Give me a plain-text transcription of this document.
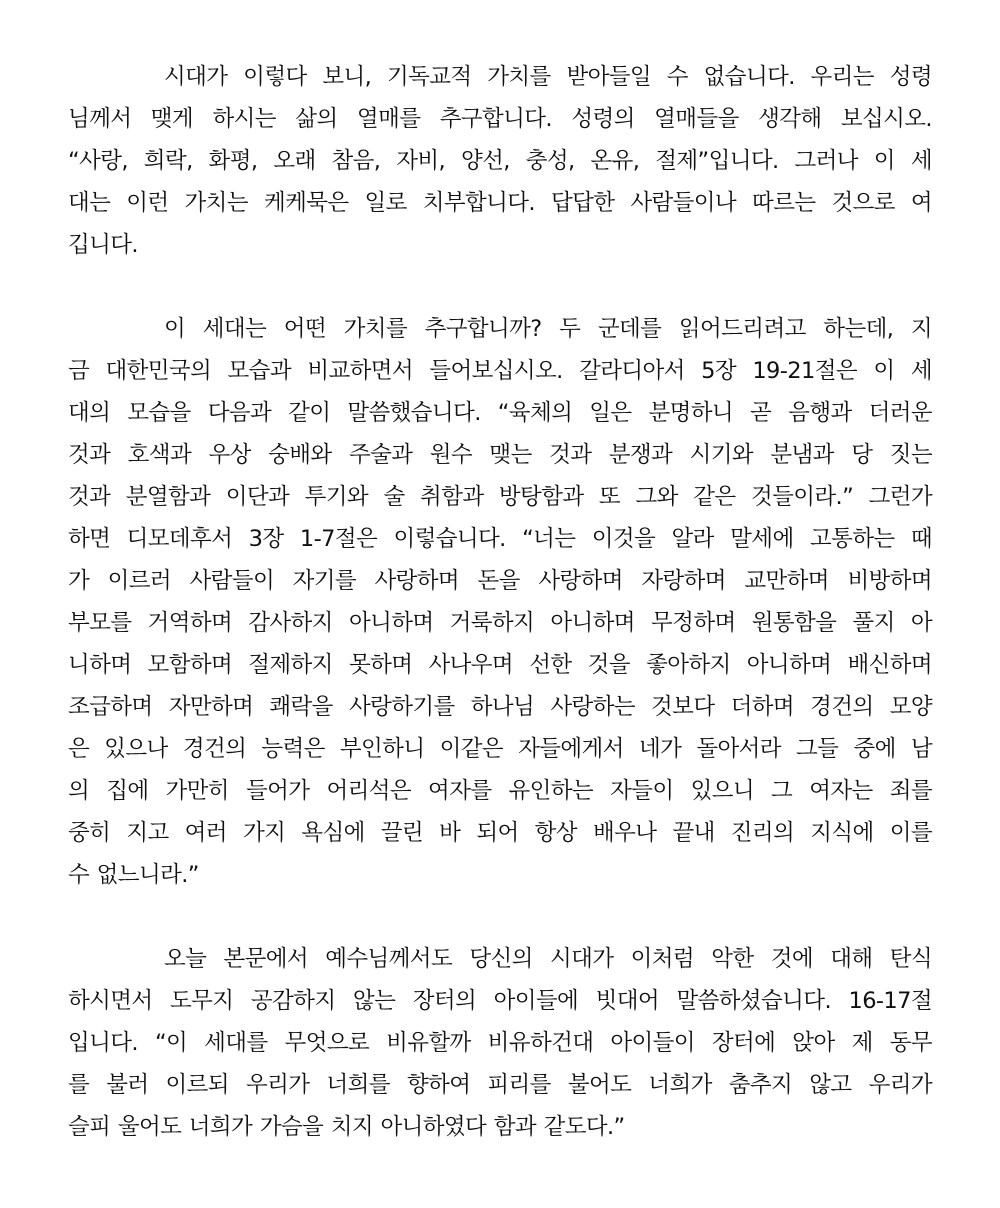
시대가 이렇다 보니, 기독교적 가치를 받아들일 수 없습니다. 우리는 성령
님께서 맺게 하시는 삶의 열매를 추구합니다. 성령의 열매들을 생각해 보십시오.
“사랑, 희락, 화평, 오래 참음, 자비, 양선, 충성, 온유, 절제”입니다. 그러나 이 세
대는 이런 가치는 케케묵은 일로 치부합니다. 답답한 사람들이나 따르는 것으로 여
깁니다.

이 세대는 어떤 가치를 추구합니까? 두 군데를 읽어드리려고 하는데, 지
금 대한민국의 모습과 비교하면서 들어보십시오. 갈라디아서 5장 19-21절은 이 세
대의 모습을 다음과 같이 말씀했습니다. “육체의 일은 분명하니 곧 음행과 더러운
것과 호색과 우상 숭배와 주술과 원수 맺는 것과 분쟁과 시기와 분냄과 당 짓는
것과 분열함과 이단과 투기와 술 취함과 방탕함과 또 그와 같은 것들이라.” 그런가
하면 디모데후서 3장 1-7절은 이렇습니다. “너는 이것을 알라 말세에 고통하는 때
가 이르러 사람들이 자기를 사랑하며 돈을 사랑하며 자랑하며 교만하며 비방하며
부모를 거역하며 감사하지 아니하며 거룩하지 아니하며 무정하며 원통함을 풀지 아
니하며 모함하며 절제하지 못하며 사나우며 선한 것을 좋아하지 아니하며 배신하며
조급하며 자만하며 쾌락을 사랑하기를 하나님 사랑하는 것보다 더하며 경건의 모양
은 있으나 경건의 능력은 부인하니 이같은 자들에게서 네가 돌아서라 그들 중에 남
의 집에 가만히 들어가 어리석은 여자를 유인하는 자들이 있으니 그 여자는 죄를
중히 지고 여러 가지 욕심에 끌린 바 되어 항상 배우나 끝내 진리의 지식에 이를
수 없느니라.”

오늘 본문에서 예수님께서도 당신의 시대가 이처럼 악한 것에 대해 탄식
하시면서 도무지 공감하지 않는 장터의 아이들에 빗대어 말씀하셨습니다. 16-17절
입니다. “이 세대를 무엇으로 비유할까 비유하건대 아이들이 장터에 앉아 제 동무
를 불러 이르되 우리가 너희를 향하여 피리를 불어도 너희가 춤추지 않고 우리가
슬피 울어도 너희가 가슴을 치지 아니하였다 함과 같도다.”
